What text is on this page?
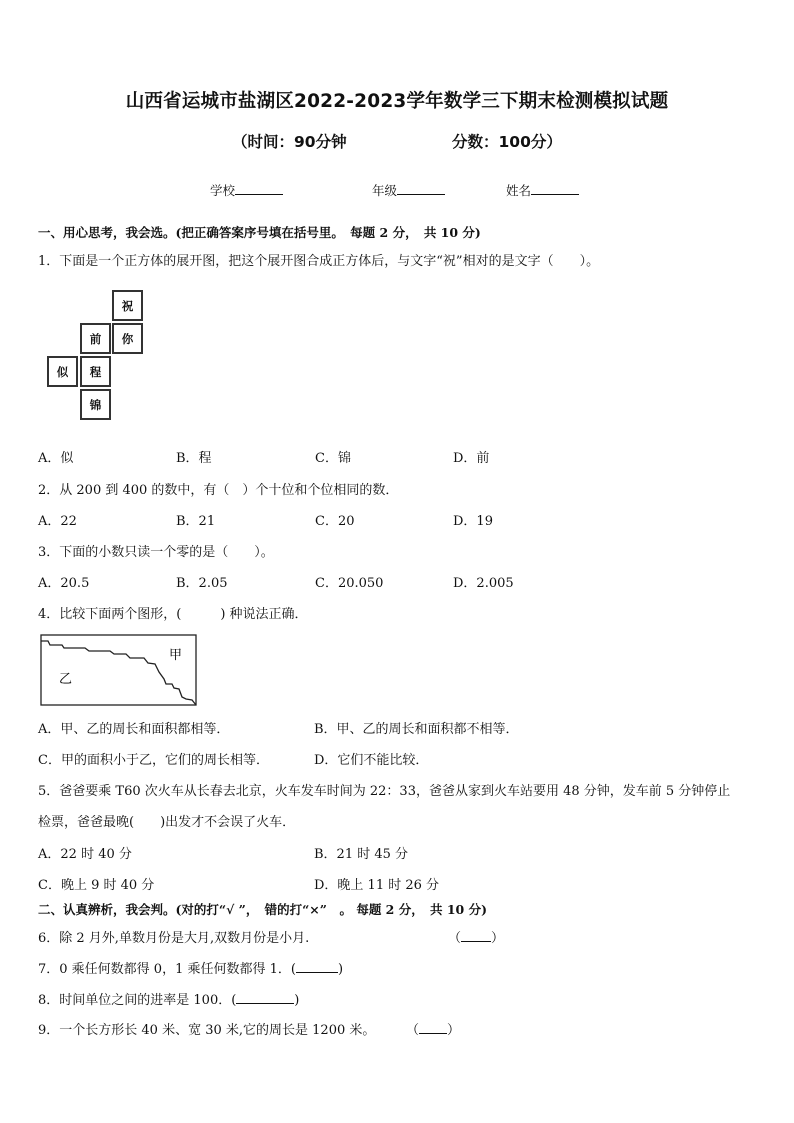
山西省运城市盐湖区2022-2023学年数学三下期末检测模拟试题
（时间：90分钟	分数：100分）
学校	年级	姓名
一、用心思考，我会选。(把正确答案序号填在括号里。　每题 2 分，　共 10 分)
1．下面是一个正方体的展开图，把这个展开图合成正方体后，与文字“祝”相对的是文字（　　）。
祝
前	你
似	程
锦
A．似	B．程	C．锦	D．前
2．从 200 到 400 的数中，有（　）个十位和个位相同的数．
A．22	B．21	C．20	D．19
3．下面的小数只读一个零的是（　　）。
A．20.5	B．2.05	C．20.050	D．2.005
4．比较下面两个图形，(　　　) 种说法正确．
甲
乙
A．甲、乙的周长和面积都相等．	B．甲、乙的周长和面积都不相等．
C．甲的面积小于乙，它们的周长相等．	D．它们不能比较．
5．爸爸要乘 T60 次火车从长春去北京，火车发车时间为 22：33，爸爸从家到火车站要用 48 分钟，发车前 5 分钟停止
检票，爸爸最晚(　　)出发才不会误了火车．
A．22 时 40 分	B．21 时 45 分
C．晚上 9 时 40 分	D．晚上 11 时 26 分
二、认真辨析，我会判。(对的打“√ ”，　错的打“×”　。 每题 2 分，　共 10 分)
6．除 2 月外,单数月份是大月,双数月份是小月.	（ ）
7．0 乘任何数都得 0，1 乘任何数都得 1．(	)
8．时间单位之间的进率是 100．(	)
9．一个长方形长 40 米、宽 30 米,它的周长是 1200 米。 （ ）
